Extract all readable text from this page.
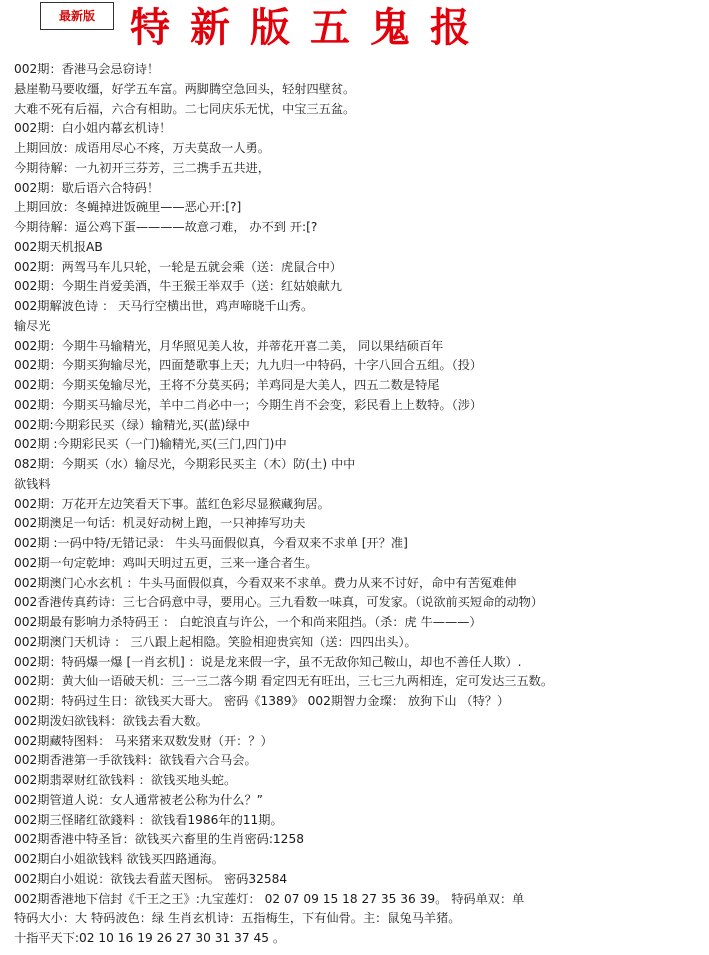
最新版 特新版五鬼报
002期：香港马会忌窃诗！
悬崖勒马要收缰，好学五车富。两脚腾空急回头，轻射四壁贫。
大难不死有后福，六合有相助。二七同庆乐无忧，中宝三五盆。
002期：白小姐内幕玄机诗！
上期回放：成语用尽心不疼，万夫莫敌一人勇。
今期待解：一九初开三芬芳，三二携手五共进，
002期：歇后语六合特码！
上期回放：冬蝇掉进饭碗里——恶心开:[?]
今期待解：逼公鸡下蛋————故意刁难， 办不到 开:[?
002期天机报AB
002期：两驾马车儿只轮，一轮是五就会乘（送：虎鼠合中）
002期：今期生肖爱美酒，牛王猴王举双手（送：红姑娘献九
002期解波色诗 ： 天马行空横出世，鸡声啼晓千山秀。
输尽光
002期：今期牛马输精光，月华照见美人妆，并蒂花开喜二美， 同以果结硕百年
002期：今期买狗输尽光，四面楚歌事上天；九九归一中特码，十字八回合五组。（投）
002期：今期买兔输尽光，王将不分莫买码；羊鸡同是大美人，四五二数是特尾
002期：今期买马输尽光，羊中二肖必中一；今期生肖不会变，彩民看上上数特。（涉）
002期:今期彩民买（绿）输精光,买(蓝)绿中
002期 :今期彩民买（一门)输精光,买(三门,四门)中
082期：今期买（水）输尽光，今期彩民买主（木）防(土) 中中
欲钱料
002期：万花开左边笑看天下事。蓝红色彩尽显猴藏狗居。
002期澳足一句话：机灵好动树上跑，一只神捧写功夫
002期 :一码中特/无错记录： 牛头马面假似真，今看双来不求单 [开？准]
002期一句定乾坤：鸡叫天明过五更，三来一逢合者生。
002期澳门心水玄机 ：牛头马面假似真，今看双来不求单。费力从来不讨好，命中有苦冤难伸
002香港传真药诗：三七合码意中寻，要用心。三九看数一味真，可发家。（说欲前买短命的动物）
002期最有影响力杀特码王 ： 白蛇浪直与许公，一个和尚来阻挡。（杀：虎 牛———）
002期澳门天机诗 ： 三八跟上起相隐。笑脸相迎贵宾知（送：四四出头）。
002期：特码爆一爆 [一肖玄机] ：说是龙来假一字，虽不无敌你知己鞍山，却也不善任人欺）.
002期：黄大仙一语破天机：三一三二落今期 看定四无有旺出，三七三九两相连，定可发达三五数。
002期：特码过生日：欲钱买大哥大。 密码《1389》 002期智力金璨： 放狗下山 （特？）
002期泼妇欲钱料：欲钱去看大数。
002期藏特图料： 马来猪来双数发财（开：？）
002期香港第一手欲钱料：欲钱看六合马会。
002期翡翠财红欲钱料 ：欲钱买地头蛇。
002期管道人说：女人通常被老公称为什么？”
002期三怪睹红欲錢料 ：欲钱看1986年的11期。
002期香港中特圣旨：欲钱买六畜里的生肖密码:1258
002期白小姐欲钱料 欲钱买四路通海。
002期白小姐说：欲钱去看蓝天图标。 密码32584
002期香港地下信封《千王之王》:九宝莲灯： 02 07 09 15 18 27 35 36 39。 特码单双：单
特码大小：大 特码波色：绿 生肖玄机诗：五指梅生，下有仙骨。主：鼠兔马羊猪。
十指平天下:02 10 16 19 26 27 30 31 37 45 。
